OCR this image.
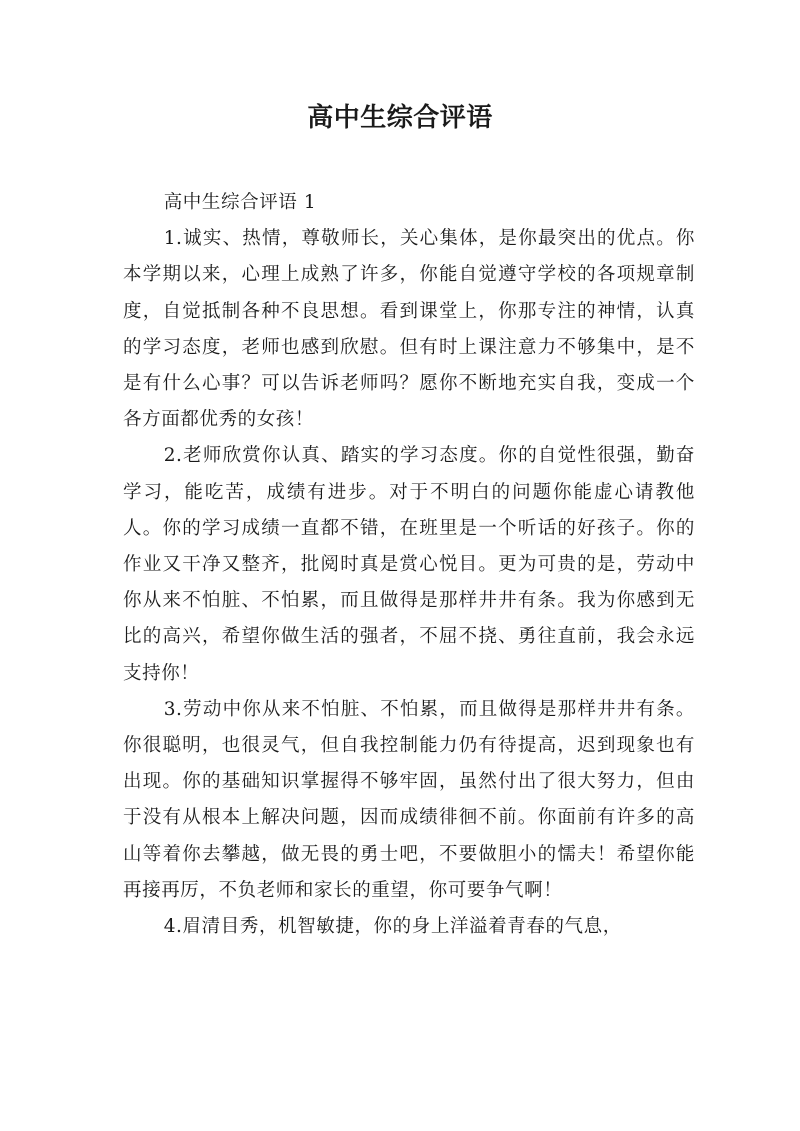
高中生综合评语

高中生综合评语 1

1.诚实、热情，尊敬师长，关心集体，是你最突出的优点。你本学期以来，心理上成熟了许多，你能自觉遵守学校的各项规章制度，自觉抵制各种不良思想。看到课堂上，你那专注的神情，认真的学习态度，老师也感到欣慰。但有时上课注意力不够集中，是不是有什么心事？可以告诉老师吗？愿你不断地充实自我，变成一个各方面都优秀的女孩！

2.老师欣赏你认真、踏实的学习态度。你的自觉性很强，勤奋学习，能吃苦，成绩有进步。对于不明白的问题你能虚心请教他人。你的学习成绩一直都不错，在班里是一个听话的好孩子。你的作业又干净又整齐，批阅时真是赏心悦目。更为可贵的是，劳动中你从来不怕脏、不怕累，而且做得是那样井井有条。我为你感到无比的高兴，希望你做生活的强者，不屈不挠、勇往直前，我会永远支持你！

3.劳动中你从来不怕脏、不怕累，而且做得是那样井井有条。你很聪明，也很灵气，但自我控制能力仍有待提高，迟到现象也有出现。你的基础知识掌握得不够牢固，虽然付出了很大努力，但由于没有从根本上解决问题，因而成绩徘徊不前。你面前有许多的高山等着你去攀越，做无畏的勇士吧，不要做胆小的懦夫！希望你能再接再厉，不负老师和家长的重望，你可要争气啊！

4.眉清目秀，机智敏捷，你的身上洋溢着青春的气息，
